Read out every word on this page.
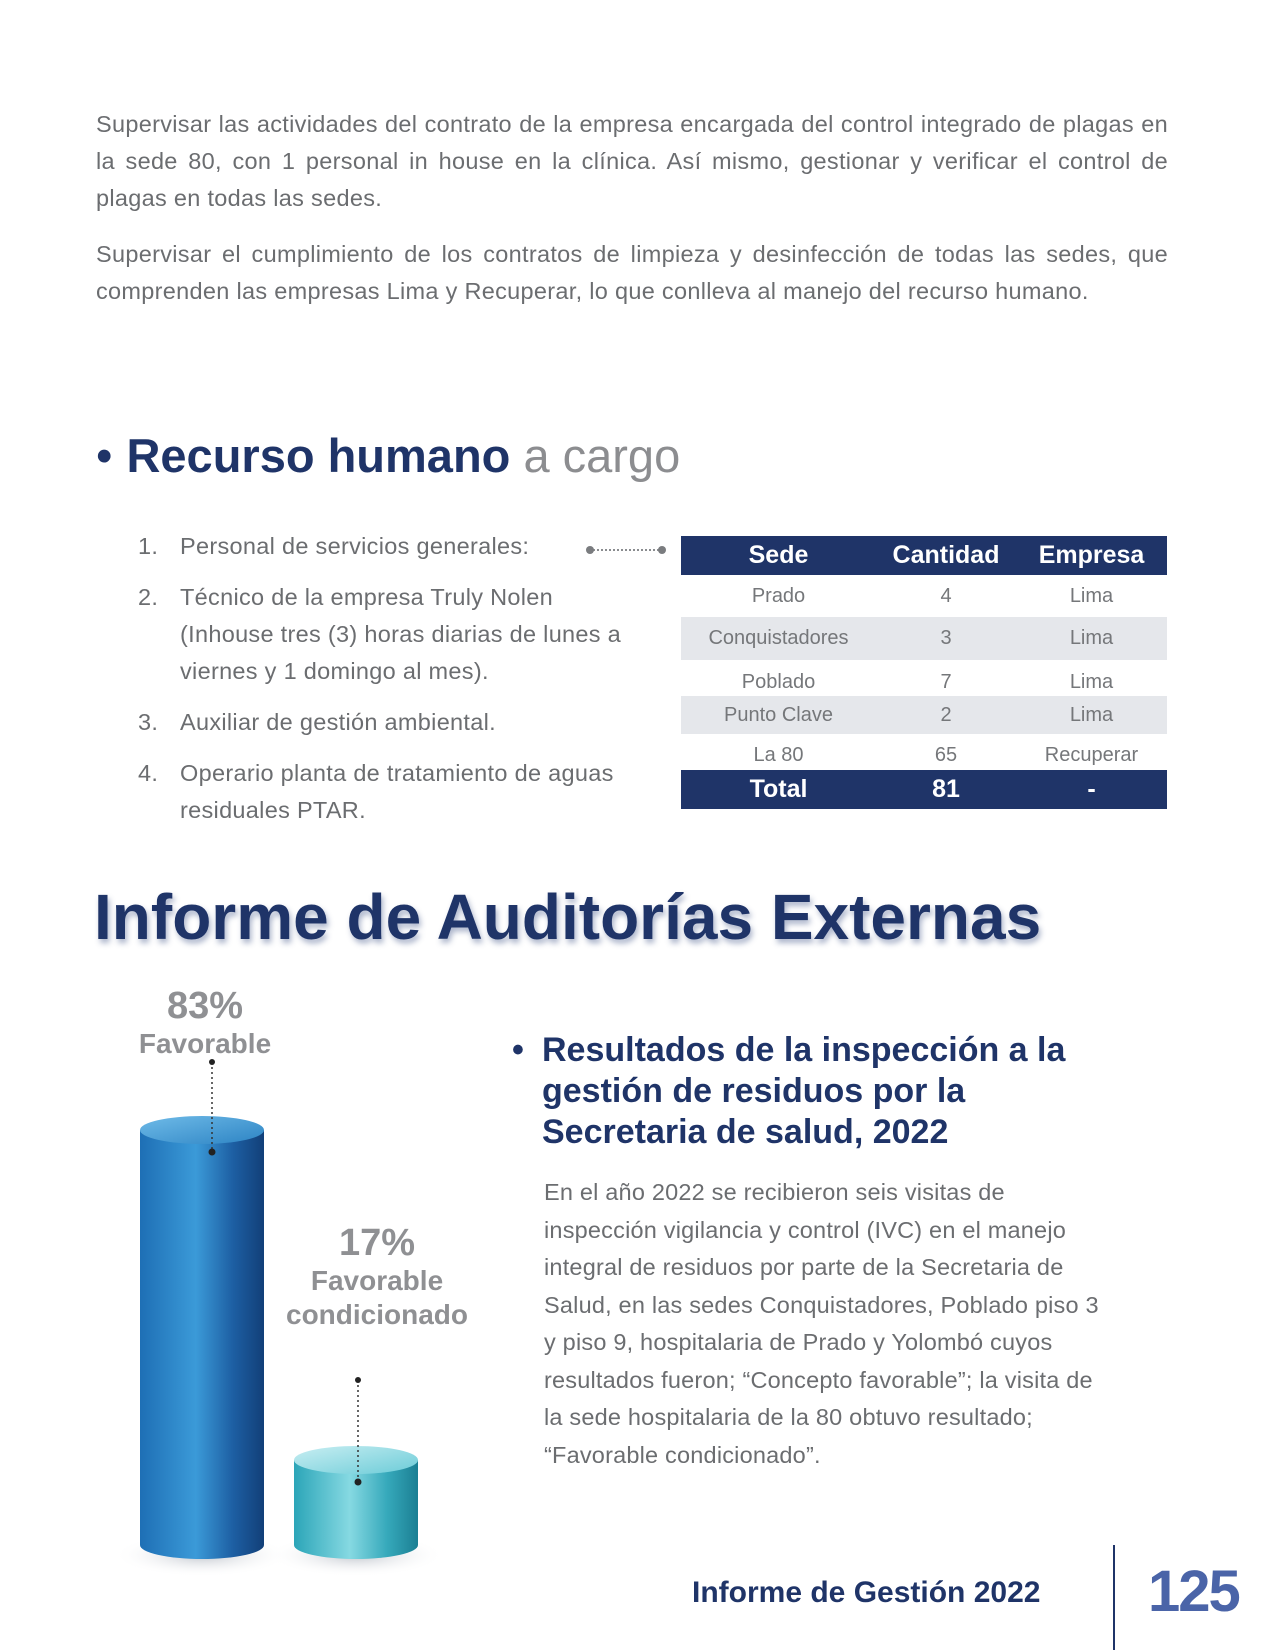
Supervisar las actividades del contrato de la empresa encargada del control integrado de plagas en la sede 80, con 1 personal in house en la clínica. Así mismo, gestionar y verificar el control de plagas en todas las sedes.

Supervisar el cumplimiento de los contratos de limpieza y desinfección de todas las sedes, que comprenden las empresas Lima y Recuperar, lo que conlleva al manejo del recurso humano.

• Recurso humano a cargo
1. Personal de servicios generales:
2. Técnico de la empresa Truly Nolen (Inhouse tres (3) horas diarias de lunes a viernes y 1 domingo al mes).
3. Auxiliar de gestión ambiental.
4. Operario planta de tratamiento de aguas residuales PTAR.
Sede	Cantidad	Empresa
Prado	4	Lima
Conquistadores	3	Lima
Poblado	7	Lima
Punto Clave	2	Lima
La 80	65	Recuperar
Total	81	-
Informe de Auditorías Externas
83%
Favorable
17%
Favorable
condicionado
• Resultados de la inspección a la gestión de residuos por la Secretaria de salud, 2022

En el año 2022 se recibieron seis visitas de inspección vigilancia y control (IVC) en el manejo integral de residuos por parte de la Secretaria de Salud, en las sedes Conquistadores, Poblado piso 3 y piso 9, hospitalaria de Prado y Yolombó cuyos resultados fueron; “Concepto favorable”; la visita de la sede hospitalaria de la 80 obtuvo resultado; “Favorable condicionado”.

Informe de Gestión 2022 125
